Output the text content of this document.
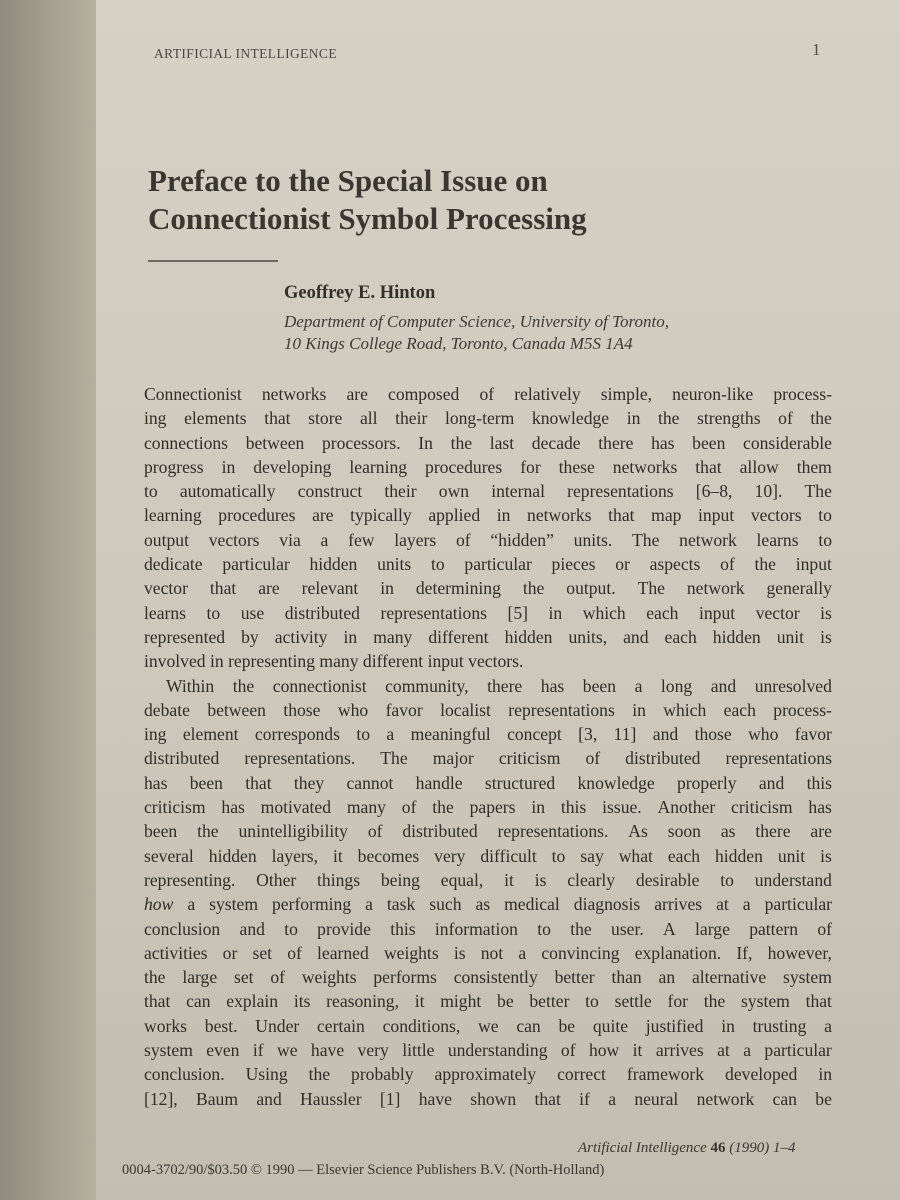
ARTIFICIAL INTELLIGENCE	1
Preface to the Special Issue on
Connectionist Symbol Processing
Geoffrey E. Hinton
Department of Computer Science, University of Toronto,
10 Kings College Road, Toronto, Canada M5S 1A4
Connectionist networks are composed of relatively simple, neuron-like process-
ing elements that store all their long-term knowledge in the strengths of the
connections between processors. In the last decade there has been considerable
progress in developing learning procedures for these networks that allow them
to automatically construct their own internal representations [6–8, 10]. The
learning procedures are typically applied in networks that map input vectors to
output vectors via a few layers of “hidden” units. The network learns to
dedicate particular hidden units to particular pieces or aspects of the input
vector that are relevant in determining the output. The network generally
learns to use distributed representations [5] in which each input vector is
represented by activity in many different hidden units, and each hidden unit is
involved in representing many different input vectors.
Within the connectionist community, there has been a long and unresolved
debate between those who favor localist representations in which each process-
ing element corresponds to a meaningful concept [3, 11] and those who favor
distributed representations. The major criticism of distributed representations
has been that they cannot handle structured knowledge properly and this
criticism has motivated many of the papers in this issue. Another criticism has
been the unintelligibility of distributed representations. As soon as there are
several hidden layers, it becomes very difficult to say what each hidden unit is
representing. Other things being equal, it is clearly desirable to understand
how a system performing a task such as medical diagnosis arrives at a particular
conclusion and to provide this information to the user. A large pattern of
activities or set of learned weights is not a convincing explanation. If, however,
the large set of weights performs consistently better than an alternative system
that can explain its reasoning, it might be better to settle for the system that
works best. Under certain conditions, we can be quite justified in trusting a
system even if we have very little understanding of how it arrives at a particular
conclusion. Using the probably approximately correct framework developed in
[12], Baum and Haussler [1] have shown that if a neural network can be
Artificial Intelligence 46 (1990) 1–4
0004-3702/90/$03.50 © 1990 — Elsevier Science Publishers B.V. (North-Holland)
